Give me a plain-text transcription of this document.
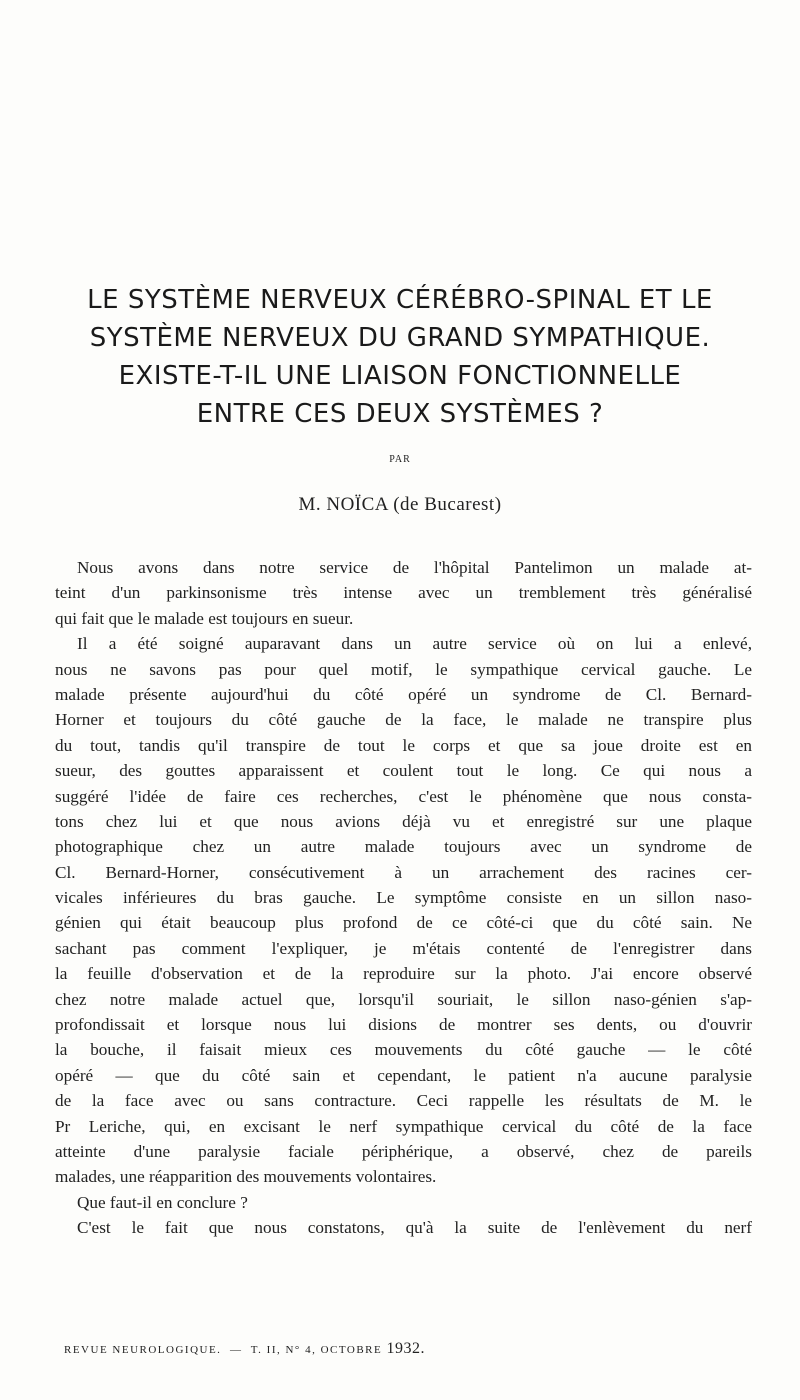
LE SYSTÈME NERVEUX CÉRÉBRO-SPINAL ET LE
SYSTÈME NERVEUX DU GRAND SYMPATHIQUE.
EXISTE-T-IL UNE LIAISON FONCTIONNELLE
ENTRE CES DEUX SYSTÈMES ?
PAR
M. NOÏCA (de Bucarest)
Nous avons dans notre service de l'hôpital Pantelimon un malade at-
teint d'un parkinsonisme très intense avec un tremblement très généralisé
qui fait que le malade est toujours en sueur.
Il a été soigné auparavant dans un autre service où on lui a enlevé,
nous ne savons pas pour quel motif, le sympathique cervical gauche. Le
malade présente aujourd'hui du côté opéré un syndrome de Cl. Bernard-
Horner et toujours du côté gauche de la face, le malade ne transpire plus
du tout, tandis qu'il transpire de tout le corps et que sa joue droite est en
sueur, des gouttes apparaissent et coulent tout le long. Ce qui nous a
suggéré l'idée de faire ces recherches, c'est le phénomène que nous consta-
tons chez lui et que nous avions déjà vu et enregistré sur une plaque
photographique chez un autre malade toujours avec un syndrome de
Cl. Bernard-Horner, consécutivement à un arrachement des racines cer-
vicales inférieures du bras gauche. Le symptôme consiste en un sillon naso-
génien qui était beaucoup plus profond de ce côté-ci que du côté sain. Ne
sachant pas comment l'expliquer, je m'étais contenté de l'enregistrer dans
la feuille d'observation et de la reproduire sur la photo. J'ai encore observé
chez notre malade actuel que, lorsqu'il souriait, le sillon naso-génien s'ap-
profondissait et lorsque nous lui disions de montrer ses dents, ou d'ouvrir
la bouche, il faisait mieux ces mouvements du côté gauche — le côté
opéré — que du côté sain et cependant, le patient n'a aucune paralysie
de la face avec ou sans contracture. Ceci rappelle les résultats de M. le
Pr Leriche, qui, en excisant le nerf sympathique cervical du côté de la face
atteinte d'une paralysie faciale périphérique, a observé, chez de pareils
malades, une réapparition des mouvements volontaires.
Que faut-il en conclure ?
C'est le fait que nous constatons, qu'à la suite de l'enlèvement du nerf
REVUE NEUROLOGIQUE. — T. II, N° 4, OCTOBRE 1932.
